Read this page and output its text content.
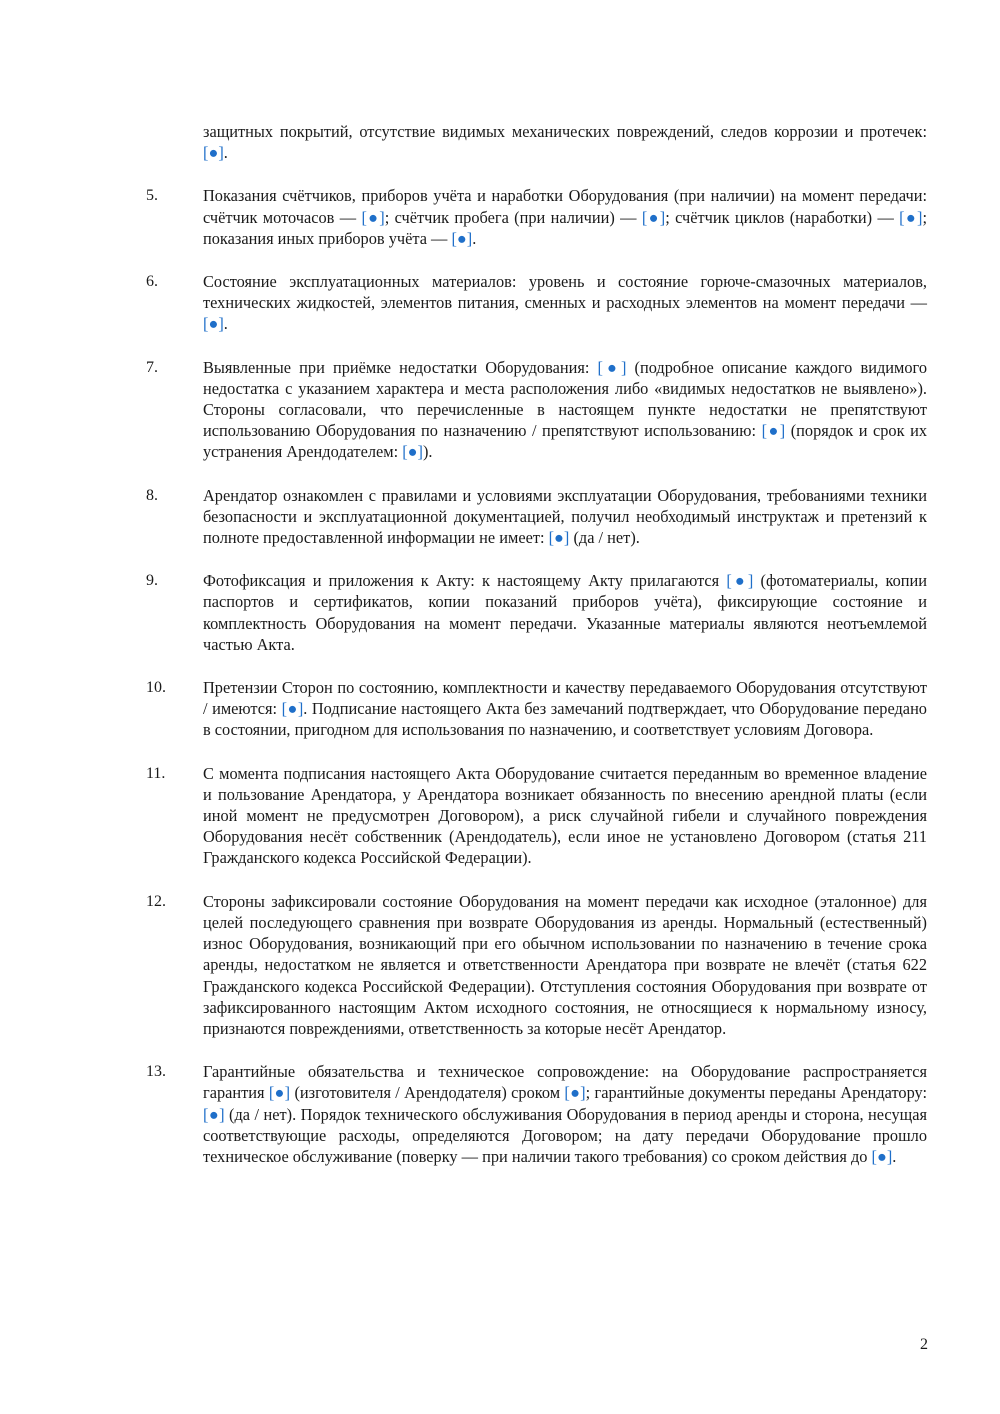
защитных покрытий, отсутствие видимых механических повреждений, следов коррозии и протечек: [●].
5.	Показания счётчиков, приборов учёта и наработки Оборудования (при наличии) на момент передачи: счётчик моточасов — [●]; счётчик пробега (при наличии) — [●]; счётчик циклов (наработки) — [●]; показания иных приборов учёта — [●].
6.	Состояние эксплуатационных материалов: уровень и состояние горюче-смазочных материалов, технических жидкостей, элементов питания, сменных и расходных элементов на момент передачи — [●].
7.	Выявленные при приёмке недостатки Оборудования: [●] (подробное описание каждого видимого недостатка с указанием характера и места расположения либо «видимых недостатков не выявлено»). Стороны согласовали, что перечисленные в настоящем пункте недостатки не препятствуют использованию Оборудования по назначению / препятствуют использованию: [●] (порядок и срок их устранения Арендодателем: [●]).
8.	Арендатор ознакомлен с правилами и условиями эксплуатации Оборудования, требованиями техники безопасности и эксплуатационной документацией, получил необходимый инструктаж и претензий к полноте предоставленной информации не имеет: [●] (да / нет).
9.	Фотофиксация и приложения к Акту: к настоящему Акту прилагаются [●] (фотоматериалы, копии паспортов и сертификатов, копии показаний приборов учёта), фиксирующие состояние и комплектность Оборудования на момент передачи. Указанные материалы являются неотъемлемой частью Акта.
10.	Претензии Сторон по состоянию, комплектности и качеству передаваемого Оборудования отсутствуют / имеются: [●]. Подписание настоящего Акта без замечаний подтверждает, что Оборудование передано в состоянии, пригодном для использования по назначению, и соответствует условиям Договора.
11.	С момента подписания настоящего Акта Оборудование считается переданным во временное владение и пользование Арендатора, у Арендатора возникает обязанность по внесению арендной платы (если иной момент не предусмотрен Договором), а риск случайной гибели и случайного повреждения Оборудования несёт собственник (Арендодатель), если иное не установлено Договором (статья 211 Гражданского кодекса Российской Федерации).
12.	Стороны зафиксировали состояние Оборудования на момент передачи как исходное (эталонное) для целей последующего сравнения при возврате Оборудования из аренды. Нормальный (естественный) износ Оборудования, возникающий при его обычном использовании по назначению в течение срока аренды, недостатком не является и ответственности Арендатора при возврате не влечёт (статья 622 Гражданского кодекса Российской Федерации). Отступления состояния Оборудования при возврате от зафиксированного настоящим Актом исходного состояния, не относящиеся к нормальному износу, признаются повреждениями, ответственность за которые несёт Арендатор.
13.	Гарантийные обязательства и техническое сопровождение: на Оборудование распространяется гарантия [●] (изготовителя / Арендодателя) сроком [●]; гарантийные документы переданы Арендатору: [●] (да / нет). Порядок технического обслуживания Оборудования в период аренды и сторона, несущая соответствующие расходы, определяются Договором; на дату передачи Оборудование прошло техническое обслуживание (поверку — при наличии такого требования) со сроком действия до [●].
2
